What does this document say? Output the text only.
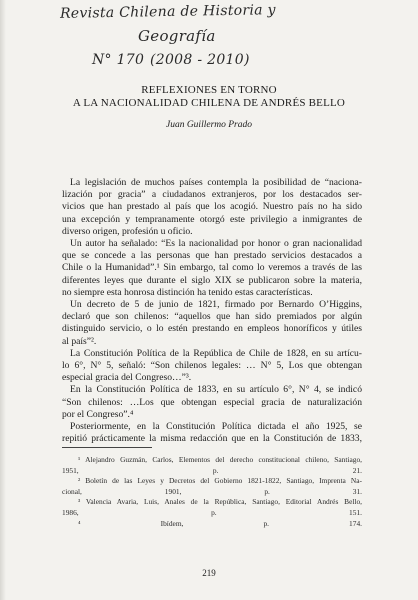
Revista Chilena de Historia y
Geografía
N° 170 (2008 - 2010)
REFLEXIONES EN TORNO
A LA NACIONALIDAD CHILENA DE ANDRÉS BELLO
Juan Guillermo Prado
La legislación de muchos países contempla la posibilidad de “naciona-
lización por gracia” a ciudadanos extranjeros, por los destacados ser-
vicios que han prestado al país que los acogió. Nuestro país no ha sido
una excepción y tempranamente otorgó este privilegio a inmigrantes de
diverso origen, profesión u oficio.
Un autor ha señalado: “Es la nacionalidad por honor o gran nacionalidad
que se concede a las personas que han prestado servicios destacados a
Chile o la Humanidad”.¹ Sin embargo, tal como lo veremos a través de las
diferentes leyes que durante el siglo XIX se publicaron sobre la materia,
no siempre esta honrosa distinción ha tenido estas características.
Un decreto de 5 de junio de 1821, firmado por Bernardo O’Higgins,
declaró que son chilenos: “aquellos que han sido premiados por algún
distinguido servicio, o lo estén prestando en empleos honoríficos y útiles
al país”².
La Constitución Política de la República de Chile de 1828, en su artícu-
lo 6°, N° 5, señaló: “Son chilenos legales: … N° 5, Los que obtengan
especial gracia del Congreso…”³.
En la Constitución Política de 1833, en su artículo 6°, N° 4, se indicó
“Son chilenos: …Los que obtengan especial gracia de naturalización
por el Congreso”.⁴
Posteriormente, en la Constitución Política dictada el año 1925, se
repitió prácticamente la misma redacción que en la Constitución de 1833,
¹ Alejandro Guzmán, Carlos, Elementos del derecho constitucional chileno, Santiago,
1951, p. 21.
² Boletín de las Leyes y Decretos del Gobierno 1821-1822, Santiago, Imprenta Na-
cional, 1901, p. 31.
³ Valencia Avaria, Luis, Anales de la República, Santiago, Editorial Andrés Bello,
1986, p. 151.
⁴ Ibídem, p. 174.
219
